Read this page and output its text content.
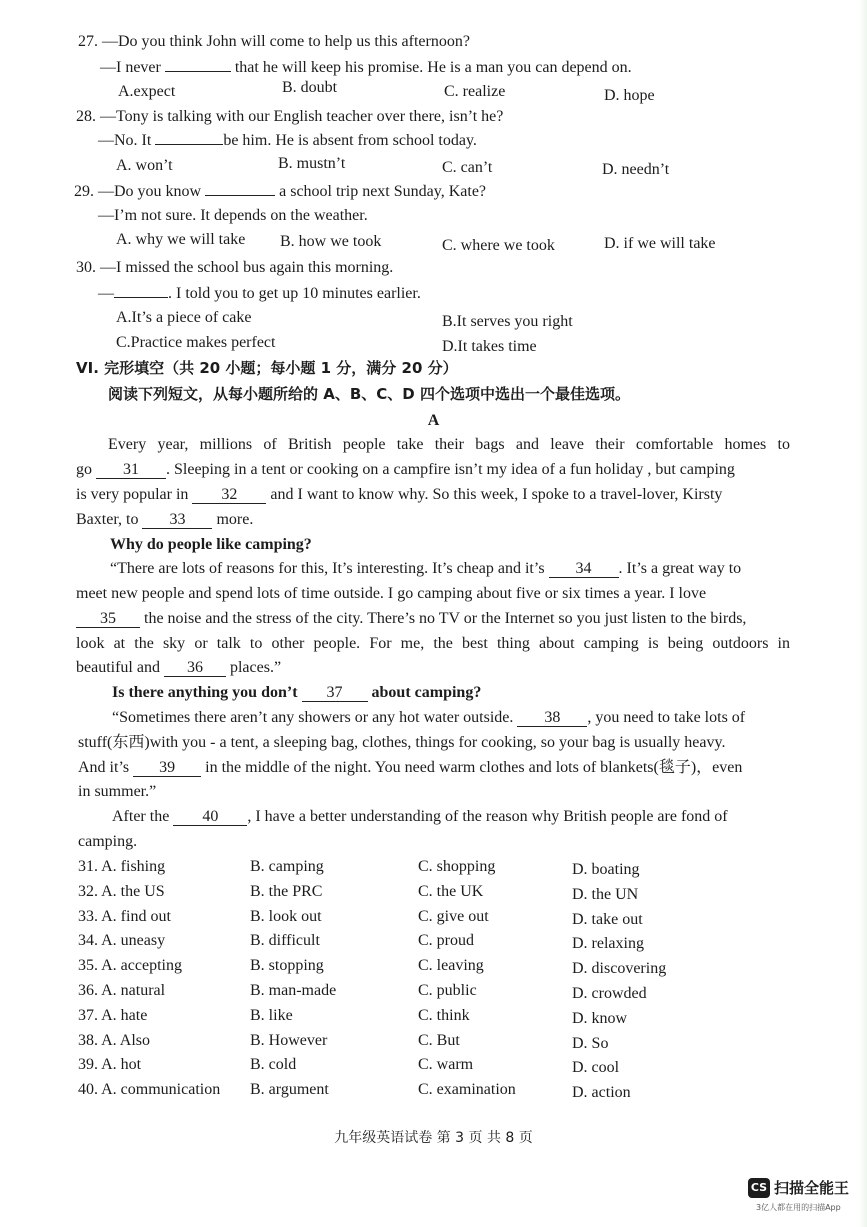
27. —Do you think John will come to help us this afternoon?
—I never	that he will keep his promise. He is a man you can depend on.
A.expect	B. doubt	C. realize	D. hope
28. —Tony is talking with our English teacher over there, isn’t he?
—No. It	be him. He is absent from school today.
A. won’t	B. mustn’t	C. can’t	D. needn’t
29. —Do you know	a school trip next Sunday, Kate?
—I’m not sure. It depends on the weather.
A. why we will take B. how we took	C. where we took	D. if we will take
30. —I missed the school bus again this morning.
—	. I told you to get up 10 minutes earlier.
A.It’s a piece of cake	B.It serves you right
C.Practice makes perfect	D.It takes time
VI. 完形填空（共 20 小题；每小题 1 分，满分 20 分）
阅读下列短文，从每小题所给的 A、B、C、D 四个选项中选出一个最佳选项。
A
Every year, millions of British people take their bags and leave their comfortable homes to
go 31 . Sleeping in a tent or cooking on a campfire isn’t my idea of a fun holiday , but camping
is very popular in 32 and I want to know why. So this week, I spoke to a travel-lover, Kirsty
Baxter, to 33 more.
Why do people like camping?
“There are lots of reasons for this, It’s interesting. It’s cheap and it’s 34 . It’s a great way to
meet new people and spend lots of time outside. I go camping about five or six times a year. I love
35 the noise and the stress of the city. There’s no TV or the Internet so you just listen to the birds,
look at the sky or talk to other people. For me, the best thing about camping is being outdoors in
beautiful and 36 places.”
Is there anything you don’t 37 about camping?
“Sometimes there aren’t any showers or any hot water outside. 38 , you need to take lots of
stuff(东西)with you - a tent, a sleeping bag, clothes, things for cooking, so your bag is usually heavy.
And it’s 39 in the middle of the night. You need warm clothes and lots of blankets(毯子)，even
in summer.”
After the 40 , I have a better understanding of the reason why British people are fond of
camping.
31. A. fishing	B. camping	C. shopping	D. boating
32. A. the US	B. the PRC	C. the UK	D. the UN
33. A. find out	B. look out	C. give out	D. take out
34. A. uneasy	B. difficult	C. proud	D. relaxing
35. A. accepting	B. stopping	C. leaving	D. discovering
36. A. natural	B. man-made	C. public	D. crowded
37. A. hate	B. like	C. think	D. know
38. A. Also	B. However	C. But	D. So
39. A. hot	B. cold	C. warm	D. cool
40. A. communication B. argument	C. examination	D. action
九年级英语试卷 第 3 页 共 8 页
CS 扫描全能王
3亿人都在用的扫描App
